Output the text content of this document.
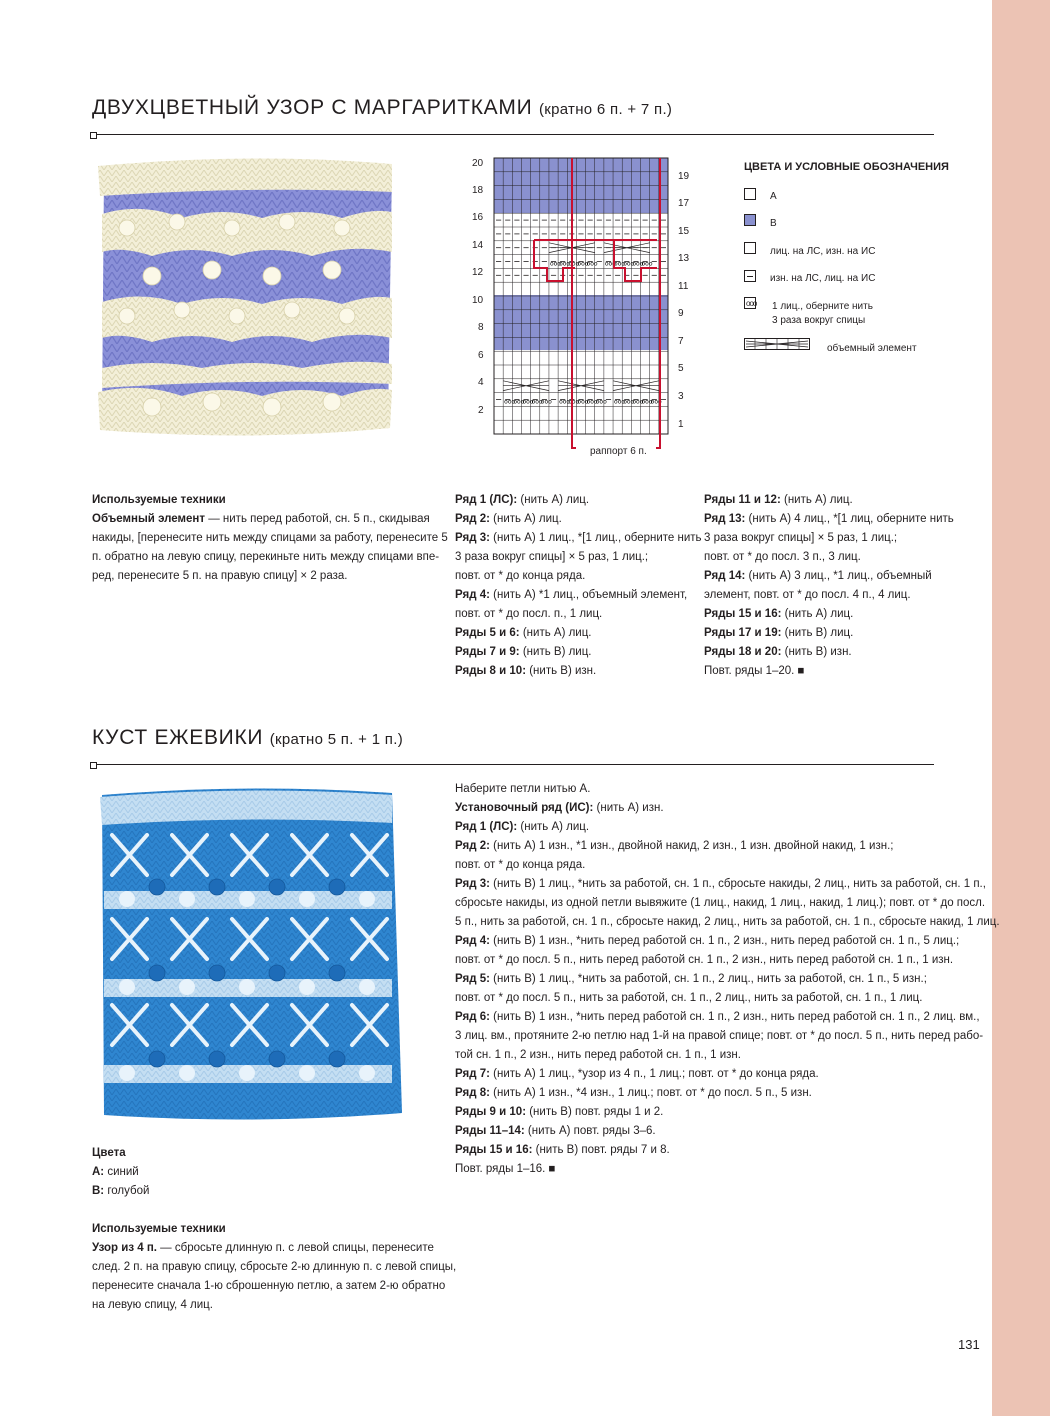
ДВУХЦВЕТНЫЙ УЗОР С МАРГАРИТКАМИ (кратно 6 п. + 7 п.)
ooo
ooo
ooo
ooo
ooo ooo
ooo
ooo
ooo
ooo
ooo
ooo
ooo
ooo
ooo ooo
ooo
ooo
ooo
ooo ooo
ooo
ooo
ooo
ooo
20
18
16
14
12
10
8
6
4
2
19
17
15
13
11
9
7
5
3
1
раппорт 6 п.
ЦВЕТА И УСЛОВНЫЕ ОБОЗНАЧЕНИЯ
А
В
лиц. на ЛС, изн. на ИС
изн. на ЛС, лиц. на ИС
ooo 1 лиц., оберните нить
3 раза вокруг спицы
объемный элемент
Используемые техники
Объемный элемент — нить перед работой, сн. 5 п., скидывая
накиды, [перенесите нить между спицами за работу, перенесите 5
п. обратно на левую спицу, перекиньте нить между спицами впе-
ред, перенесите 5 п. на правую спицу] × 2 раза.
Ряд 1 (ЛС): (нить А) лиц.
Ряд 2: (нить А) лиц.
Ряд 3: (нить А) 1 лиц., *[1 лиц., оберните нить
3 раза вокруг спицы] × 5 раз, 1 лиц.;
повт. от * до конца ряда.
Ряд 4: (нить А) *1 лиц., объемный элемент,
повт. от * до посл. п., 1 лиц.
Ряды 5 и 6: (нить А) лиц.
Ряды 7 и 9: (нить В) лиц.
Ряды 8 и 10: (нить В) изн.
Ряды 11 и 12: (нить А) лиц.
Ряд 13: (нить А) 4 лиц., *[1 лиц, оберните нить
3 раза вокруг спицы] × 5 раз, 1 лиц.;
повт. от * до посл. 3 п., 3 лиц.
Ряд 14: (нить А) 3 лиц., *1 лиц., объемный
элемент, повт. от * до посл. 4 п., 4 лиц.
Ряды 15 и 16: (нить А) лиц.
Ряды 17 и 19: (нить В) лиц.
Ряды 18 и 20: (нить В) изн.
Повт. ряды 1–20. ■
КУСТ ЕЖЕВИКИ (кратно 5 п. + 1 п.)
Цвета
А: синий
В: голубой
Используемые техники
Узор из 4 п. — сбросьте длинную п. с левой спицы, перенесите
след. 2 п. на правую спицу, сбросьте 2-ю длинную п. с левой спицы,
перенесите сначала 1-ю сброшенную петлю, а затем 2-ю обратно
на левую спицу, 4 лиц.
Наберите петли нитью А.
Установочный ряд (ИС): (нить А) изн.
Ряд 1 (ЛС): (нить А) лиц.
Ряд 2: (нить А) 1 изн., *1 изн., двойной накид, 2 изн., 1 изн. двойной накид, 1 изн.;
повт. от * до конца ряда.
Ряд 3: (нить В) 1 лиц., *нить за работой, сн. 1 п., сбросьте накиды, 2 лиц., нить за работой, сн. 1 п.,
сбросьте накиды, из одной петли вывяжите (1 лиц., накид, 1 лиц., накид, 1 лиц.); повт. от * до посл.
5 п., нить за работой, сн. 1 п., сбросьте накид, 2 лиц., нить за работой, сн. 1 п., сбросьте накид, 1 лиц.
Ряд 4: (нить В) 1 изн., *нить перед работой сн. 1 п., 2 изн., нить перед работой сн. 1 п., 5 лиц.;
повт. от * до посл. 5 п., нить перед работой сн. 1 п., 2 изн., нить перед работой сн. 1 п., 1 изн.
Ряд 5: (нить В) 1 лиц., *нить за работой, сн. 1 п., 2 лиц., нить за работой, сн. 1 п., 5 изн.;
повт. от * до посл. 5 п., нить за работой, сн. 1 п., 2 лиц., нить за работой, сн. 1 п., 1 лиц.
Ряд 6: (нить В) 1 изн., *нить перед работой сн. 1 п., 2 изн., нить перед работой сн. 1 п., 2 лиц. вм.,
3 лиц. вм., протяните 2-ю петлю над 1-й на правой спице; повт. от * до посл. 5 п., нить перед рабо-
той сн. 1 п., 2 изн., нить перед работой сн. 1 п., 1 изн.
Ряд 7: (нить А) 1 лиц., *узор из 4 п., 1 лиц.; повт. от * до конца ряда.
Ряд 8: (нить А) 1 изн., *4 изн., 1 лиц.; повт. от * до посл. 5 п., 5 изн.
Ряды 9 и 10: (нить В) повт. ряды 1 и 2.
Ряды 11–14: (нить А) повт. ряды 3–6.
Ряды 15 и 16: (нить В) повт. ряды 7 и 8.
Повт. ряды 1–16. ■
131
